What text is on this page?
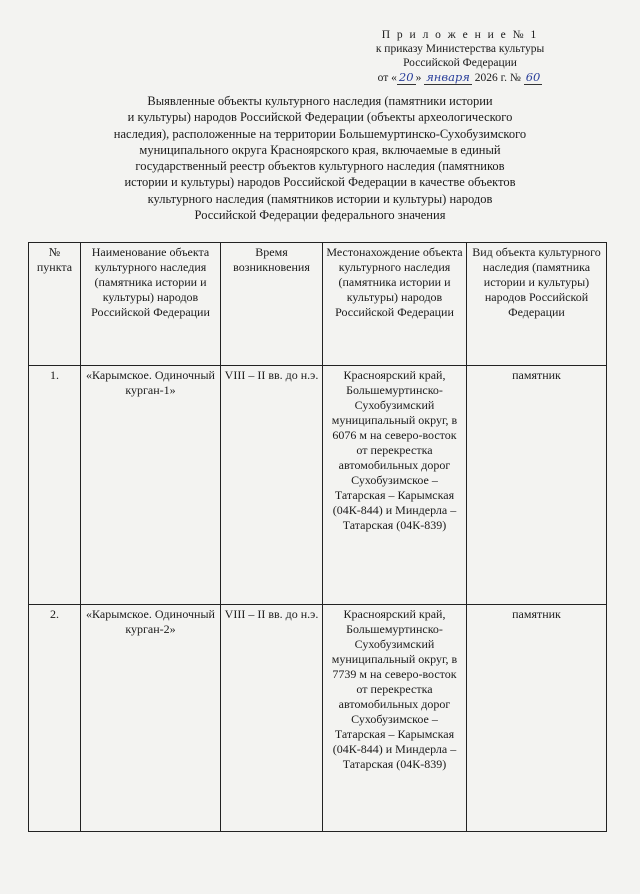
П р и л о ж е н и е № 1
к приказу Министерства культуры
Российской Федерации
от « 20 » января 2026 г. № 60
Выявленные объекты культурного наследия (памятники истории
и культуры) народов Российской Федерации (объекты археологического
наследия), расположенные на территории Большемуртинско-Сухобузимского
муниципального округа Красноярского края, включаемые в единый
государственный реестр объектов культурного наследия (памятников
истории и культуры) народов Российской Федерации в качестве объектов
культурного наследия (памятников истории и культуры) народов
Российской Федерации федерального значения
№ пункта	Наименование объекта культурного наследия (памятника истории и культуры) народов Российской Федерации	Время возникновения	Местонахождение объекта культурного наследия (памятника истории и культуры) народов Российской Федерации	Вид объекта культурного наследия (памятника истории и культуры) народов Российской Федерации
1.	«Карымское. Одиночный курган-1»	VIII – II вв. до н.э.	Красноярский край, Большемуртинско-Сухобузимский муниципальный округ, в 6076 м на северо-восток от перекрестка автомобильных дорог Сухобузимское – Татарская – Карымская (04К-844) и Миндерла – Татарская (04К-839)	памятник
2.	«Карымское. Одиночный курган-2»	VIII – II вв. до н.э.	Красноярский край, Большемуртинско-Сухобузимский муниципальный округ, в 7739 м на северо-восток от перекрестка автомобильных дорог Сухобузимское – Татарская – Карымская (04К-844) и Миндерла – Татарская (04К-839)	памятник
